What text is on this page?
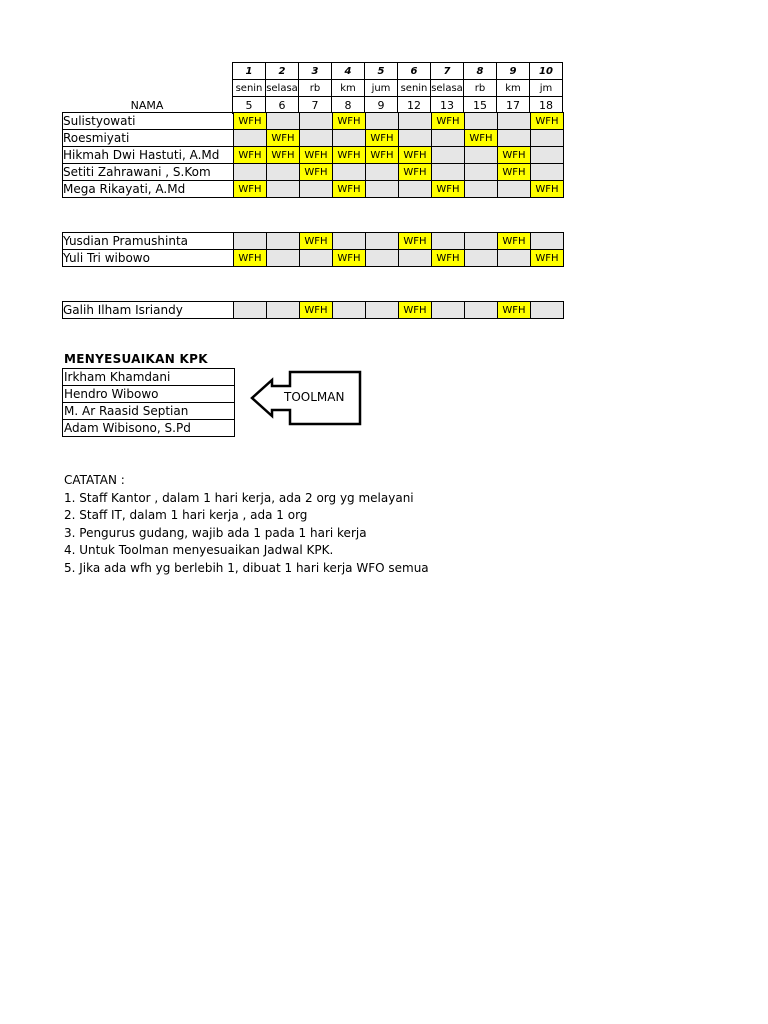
	1	2	3	4	5	6	7	8	9	10
	senin	selasa	rb	km	jum	senin	selasa	rb	km	jm
NAMA	5	6	7	8	9	12	13	15	17	18
Sulistyowati	WFH			WFH			WFH			WFH
Roesmiyati		WFH			WFH			WFH		
Hikmah Dwi Hastuti, A.Md	WFH	WFH	WFH	WFH	WFH	WFH			WFH	
Setiti Zahrawani , S.Kom			WFH			WFH			WFH	
Mega Rikayati, A.Md	WFH			WFH			WFH			WFH
Yusdian Pramushinta			WFH			WFH			WFH	
Yuli Tri wibowo	WFH			WFH			WFH			WFH
Galih Ilham Isriandy			WFH			WFH			WFH	
MENYESUAIKAN KPK
Irkham Khamdani
Hendro Wibowo
M. Ar Raasid Septian
Adam Wibisono, S.Pd
TOOLMAN
CATATAN :
1. Staff Kantor , dalam 1 hari kerja, ada 2 org yg melayani
2. Staff IT, dalam 1 hari kerja , ada 1 org
3. Pengurus gudang, wajib ada 1 pada 1 hari kerja
4. Untuk Toolman menyesuaikan Jadwal KPK.
5. Jika ada wfh yg berlebih 1, dibuat 1 hari kerja WFO semua
